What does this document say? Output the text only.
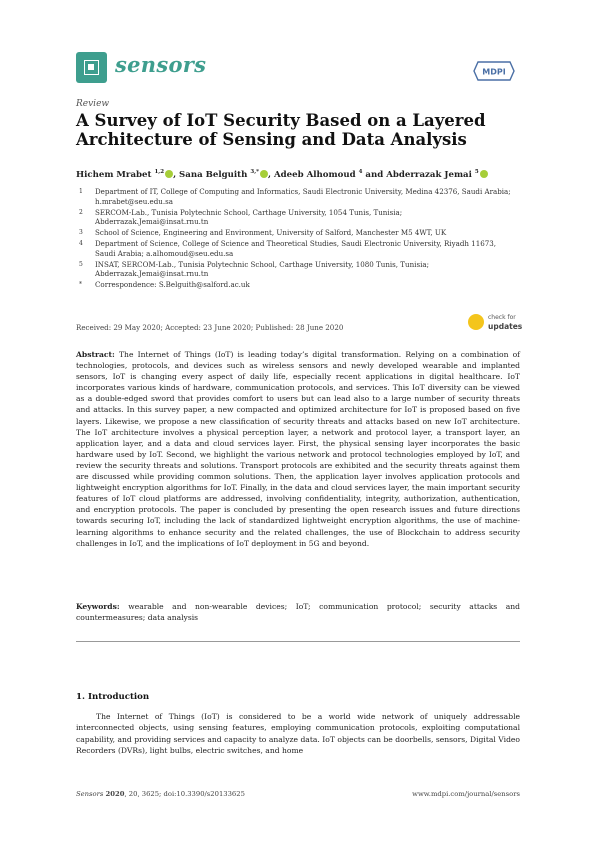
sensors	MDPI
Review
A Survey of IoT Security Based on a Layered Architecture of Sensing and Data Analysis
Hichem Mrabet $^{1,2}$ , Sana Belguith $^{3,*}$ , Adeeb Alhomoud $^4$ and Abderrazak Jemai $^5$
1 Department of IT, College of Computing and Informatics, Saudi Electronic University, Medina 42376, Saudi Arabia; h.mrabet@seu.edu.sa
2 SERCOM-Lab., Tunisia Polytechnic School, Carthage University, 1054 Tunis, Tunisia; Abderrazak.Jemai@insat.rnu.tn
3 School of Science, Engineering and Environment, University of Salford, Manchester M5 4WT, UK
4 Department of Science, College of Science and Theoretical Studies, Saudi Electronic University, Riyadh 11673, Saudi Arabia; a.alhomoud@seu.edu.sa
5 INSAT, SERCOM-Lab., Tunisia Polytechnic School, Carthage University, 1080 Tunis, Tunisia; Abderrazak.Jemai@insat.rnu.tn
* Correspondence: S.Belguith@salford.ac.uk
Received: 29 May 2020; Accepted: 23 June 2020; Published: 28 June 2020
check for
updates
Abstract: The Internet of Things (IoT) is leading today’s digital transformation. Relying on a combination of technologies, protocols, and devices such as wireless sensors and newly developed wearable and implanted sensors, IoT is changing every aspect of daily life, especially recent applications in digital healthcare. IoT incorporates various kinds of hardware, communication protocols, and services. This IoT diversity can be viewed as a double-edged sword that provides comfort to users but can lead also to a large number of security threats and attacks. In this survey paper, a new compacted and optimized architecture for IoT is proposed based on five layers. Likewise, we propose a new classification of security threats and attacks based on new IoT architecture. The IoT architecture involves a physical perception layer, a network and protocol layer, a transport layer, an application layer, and a data and cloud services layer. First, the physical sensing layer incorporates the basic hardware used by IoT. Second, we highlight the various network and protocol technologies employed by IoT, and review the security threats and solutions. Transport protocols are exhibited and the security threats against them are discussed while providing common solutions. Then, the application layer involves application protocols and lightweight encryption algorithms for IoT. Finally, in the data and cloud services layer, the main important security features of IoT cloud platforms are addressed, involving confidentiality, integrity, authorization, authentication, and encryption protocols. The paper is concluded by presenting the open research issues and future directions towards securing IoT, including the lack of standardized lightweight encryption algorithms, the use of machine-learning algorithms to enhance security and the related challenges, the use of Blockchain to address security challenges in IoT, and the implications of IoT deployment in 5G and beyond.
Keywords: wearable and non-wearable devices; IoT; communication protocol; security attacks and countermeasures; data analysis
1. Introduction
The Internet of Things (IoT) is considered to be a world wide network of uniquely addressable interconnected objects, using sensing features, employing communication protocols, exploiting computational capability, and providing services and capacity to analyze data. IoT objects can be doorbells, sensors, Digital Video Recorders (DVRs), light bulbs, electric switches, and home
Sensors 2020, 20, 3625; doi:10.3390/s20133625	www.mdpi.com/journal/sensors
